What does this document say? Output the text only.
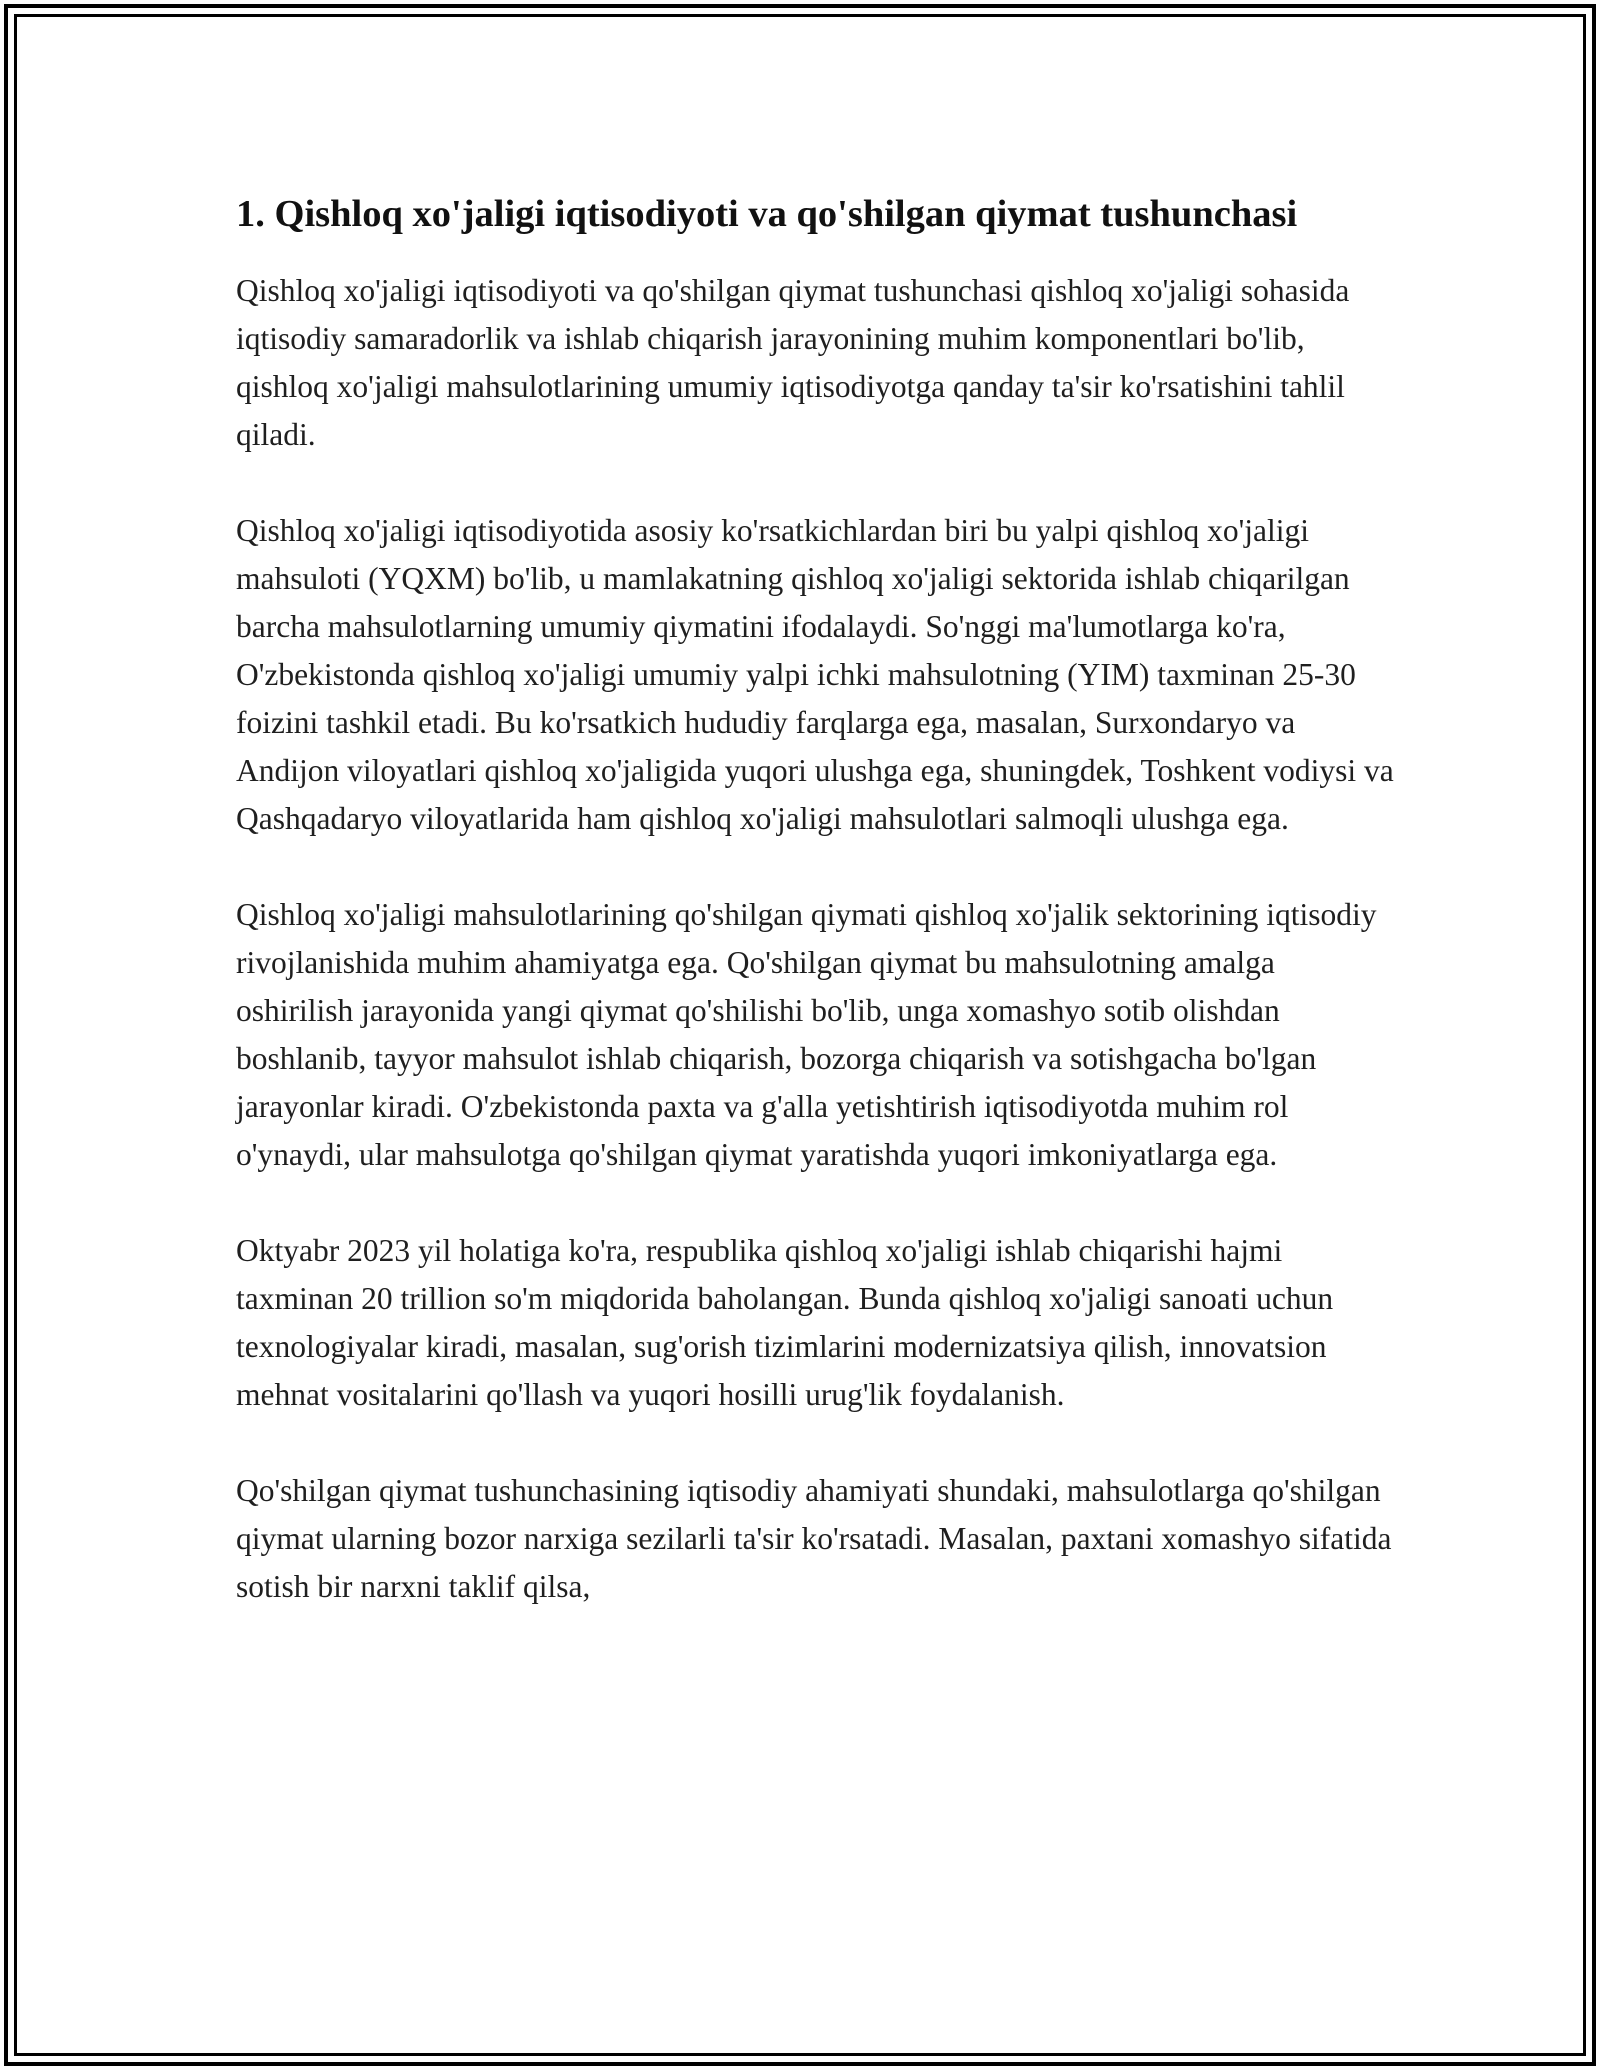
1. Qishloq xo'jaligi iqtisodiyoti va qo'shilgan qiymat tushunchasi

Qishloq xo'jaligi iqtisodiyoti va qo'shilgan qiymat tushunchasi qishloq xo'jaligi sohasida iqtisodiy samaradorlik va ishlab chiqarish jarayonining muhim komponentlari bo'lib, qishloq xo'jaligi mahsulotlarining umumiy iqtisodiyotga qanday ta'sir ko'rsatishini tahlil qiladi.

Qishloq xo'jaligi iqtisodiyotida asosiy ko'rsatkichlardan biri bu yalpi qishloq xo'jaligi mahsuloti (YQXM) bo'lib, u mamlakatning qishloq xo'jaligi sektorida ishlab chiqarilgan barcha mahsulotlarning umumiy qiymatini ifodalaydi. So'nggi ma'lumotlarga ko'ra, O'zbekistonda qishloq xo'jaligi umumiy yalpi ichki mahsulotning (YIM) taxminan 25-30 foizini tashkil etadi. Bu ko'rsatkich hududiy farqlarga ega, masalan, Surxondaryo va Andijon viloyatlari qishloq xo'jaligida yuqori ulushga ega, shuningdek, Toshkent vodiysi va Qashqadaryo viloyatlarida ham qishloq xo'jaligi mahsulotlari salmoqli ulushga ega.

Qishloq xo'jaligi mahsulotlarining qo'shilgan qiymati qishloq xo'jalik sektorining iqtisodiy rivojlanishida muhim ahamiyatga ega. Qo'shilgan qiymat bu mahsulotning amalga oshirilish jarayonida yangi qiymat qo'shilishi bo'lib, unga xomashyo sotib olishdan boshlanib, tayyor mahsulot ishlab chiqarish, bozorga chiqarish va sotishgacha bo'lgan jarayonlar kiradi. O'zbekistonda paxta va g'alla yetishtirish iqtisodiyotda muhim rol o'ynaydi, ular mahsulotga qo'shilgan qiymat yaratishda yuqori imkoniyatlarga ega.

Oktyabr 2023 yil holatiga ko'ra, respublika qishloq xo'jaligi ishlab chiqarishi hajmi taxminan 20 trillion so'm miqdorida baholangan. Bunda qishloq xo'jaligi sanoati uchun texnologiyalar kiradi, masalan, sug'orish tizimlarini modernizatsiya qilish, innovatsion mehnat vositalarini qo'llash va yuqori hosilli urug'lik foydalanish.

Qo'shilgan qiymat tushunchasining iqtisodiy ahamiyati shundaki, mahsulotlarga qo'shilgan qiymat ularning bozor narxiga sezilarli ta'sir ko'rsatadi. Masalan, paxtani xomashyo sifatida sotish bir narxni taklif qilsa,
